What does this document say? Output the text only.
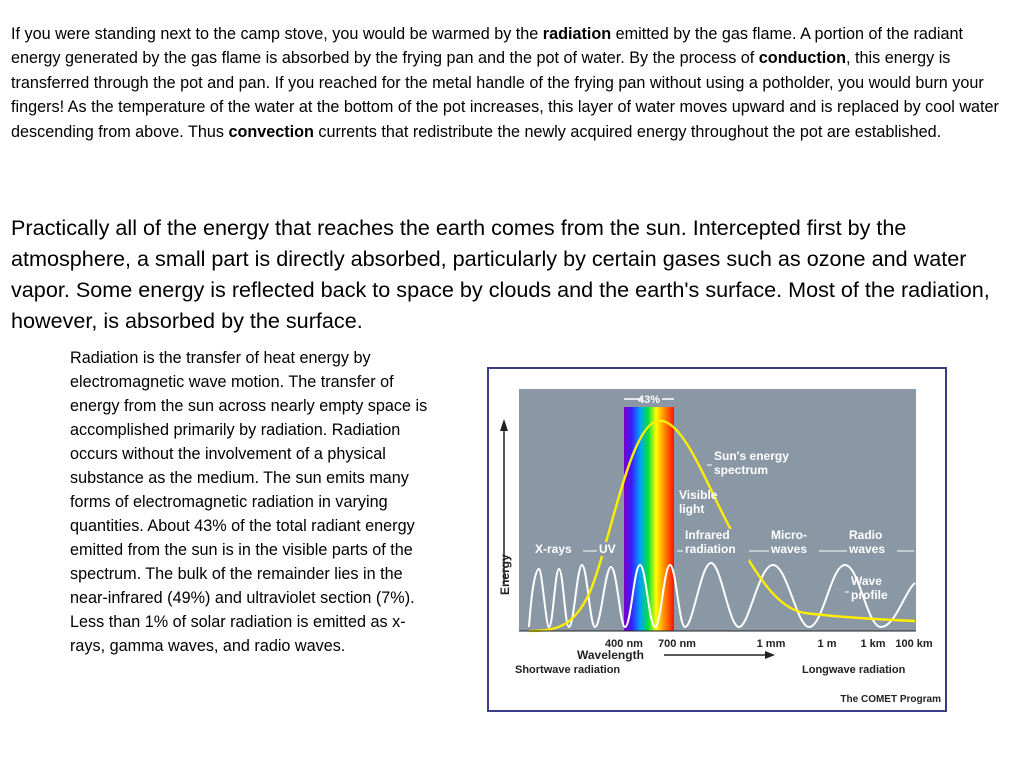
If you were standing next to the camp stove, you would be warmed by the radiation emitted by the gas flame. A portion of the radiant energy generated by the gas flame is absorbed by the frying pan and the pot of water. By the process of conduction, this energy is transferred through the pot and pan. If you reached for the metal handle of the frying pan without using a potholder, you would burn your fingers! As the temperature of the water at the bottom of the pot increases, this layer of water moves upward and is replaced by cool water descending from above. Thus convection currents that redistribute the newly acquired energy throughout the pot are established.

Practically all of the energy that reaches the earth comes from the sun. Intercepted first by the atmosphere, a small part is directly absorbed, particularly by certain gases such as ozone and water vapor. Some energy is reflected back to space by clouds and the earth's surface. Most of the radiation, however, is absorbed by the surface.

Radiation is the transfer of heat energy by electromagnetic wave motion. The transfer of energy from the sun across nearly empty space is accomplished primarily by radiation. Radiation occurs without the involvement of a physical substance as the medium. The sun emits many forms of electromagnetic radiation in varying quantities. About 43% of the total radiant energy emitted from the sun is in the visible parts of the spectrum. The bulk of the remainder lies in the near-infrared (49%) and ultraviolet section (7%). Less than 1% of solar radiation is emitted as x-rays, gamma waves, and radio waves.

43%
Sun's energy
spectrum
Visible
light
X-rays UV
Infrared
radiation
Micro-
waves
Radio
waves
Wave
profile
Energy
400 nm 700 nm	1 mm	1 m 1 km 100 km
Wavelength
Shortwave radiation	Longwave radiation
The COMET Program
